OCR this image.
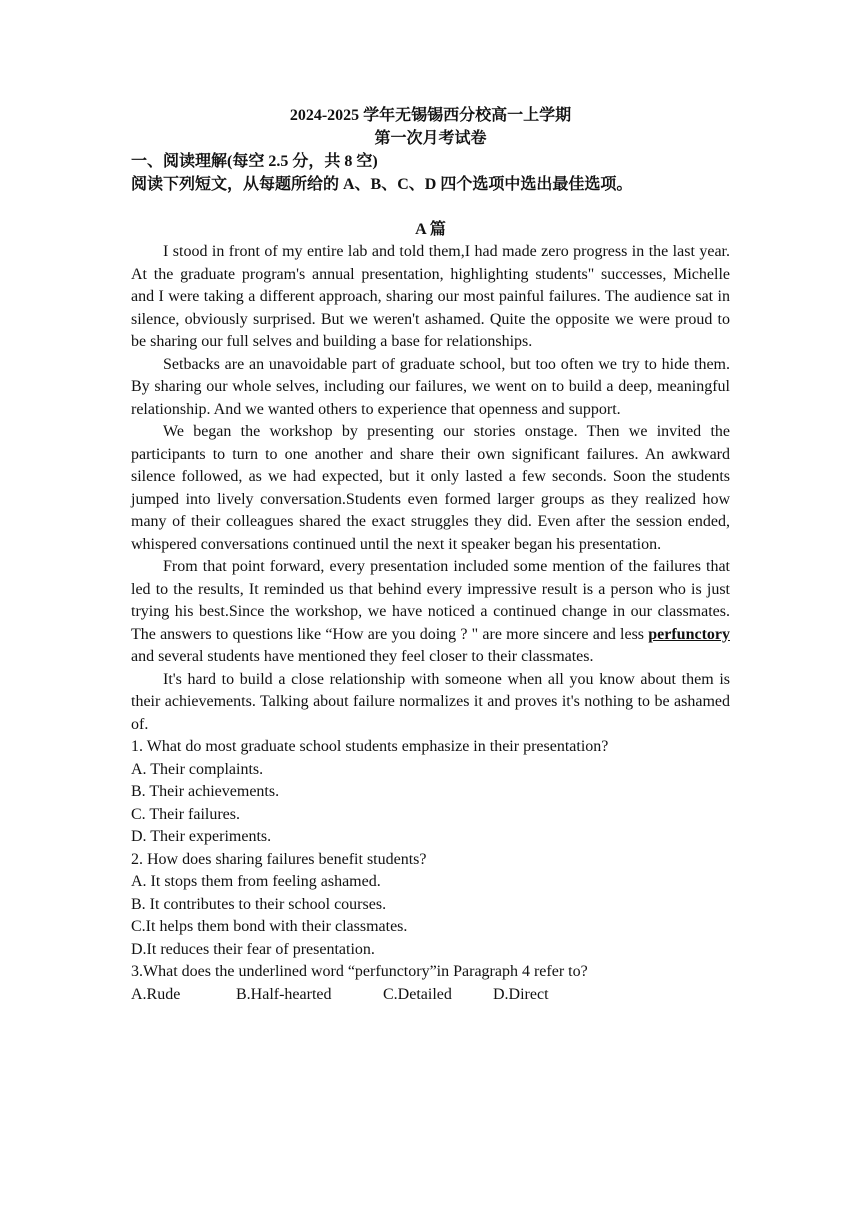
2024-2025 学年无锡锡西分校高一上学期
第一次月考试卷
一、阅读理解(每空 2.5 分，共 8 空)
阅读下列短文，从每题所给的 A、B、C、D 四个选项中选出最佳选项。
A 篇

I stood in front of my entire lab and told them,I had made zero progress in the last year. At the graduate program's annual presentation, highlighting students" successes, Michelle and I were taking a different approach, sharing our most painful failures. The audience sat in silence, obviously surprised. But we weren't ashamed. Quite the opposite we were proud to be sharing our full selves and building a base for relationships.

Setbacks are an unavoidable part of graduate school, but too often we try to hide them. By sharing our whole selves, including our failures, we went on to build a deep, meaningful relationship. And we wanted others to experience that openness and support.

We began the workshop by presenting our stories onstage. Then we invited the participants to turn to one another and share their own significant failures. An awkward silence followed, as we had expected, but it only lasted a few seconds. Soon the students jumped into lively conversation.Students even formed larger groups as they realized how many of their colleagues shared the exact struggles they did. Even after the session ended, whispered conversations continued until the next it speaker began his presentation.

From that point forward, every presentation included some mention of the failures that led to the results, It reminded us that behind every impressive result is a person who is just trying his best.Since the workshop, we have noticed a continued change in our classmates. The answers to questions like “How are you doing ? " are more sincere and less perfunctory and several students have mentioned they feel closer to their classmates.

It's hard to build a close relationship with someone when all you know about them is their achievements. Talking about failure normalizes it and proves it's nothing to be ashamed of.

1. What do most graduate school students emphasize in their presentation?

A. Their complaints.

B. Their achievements.

C. Their failures.

D. Their experiments.

2. How does sharing failures benefit students?

A. It stops them from feeling ashamed.

B. It contributes to their school courses.

C.It helps them bond with their classmates.

D.It reduces their fear of presentation.

3.What does the underlined word “perfunctory”in Paragraph 4 refer to?

A.Rude	B.Half-hearted	C.Detailed	D.Direct
